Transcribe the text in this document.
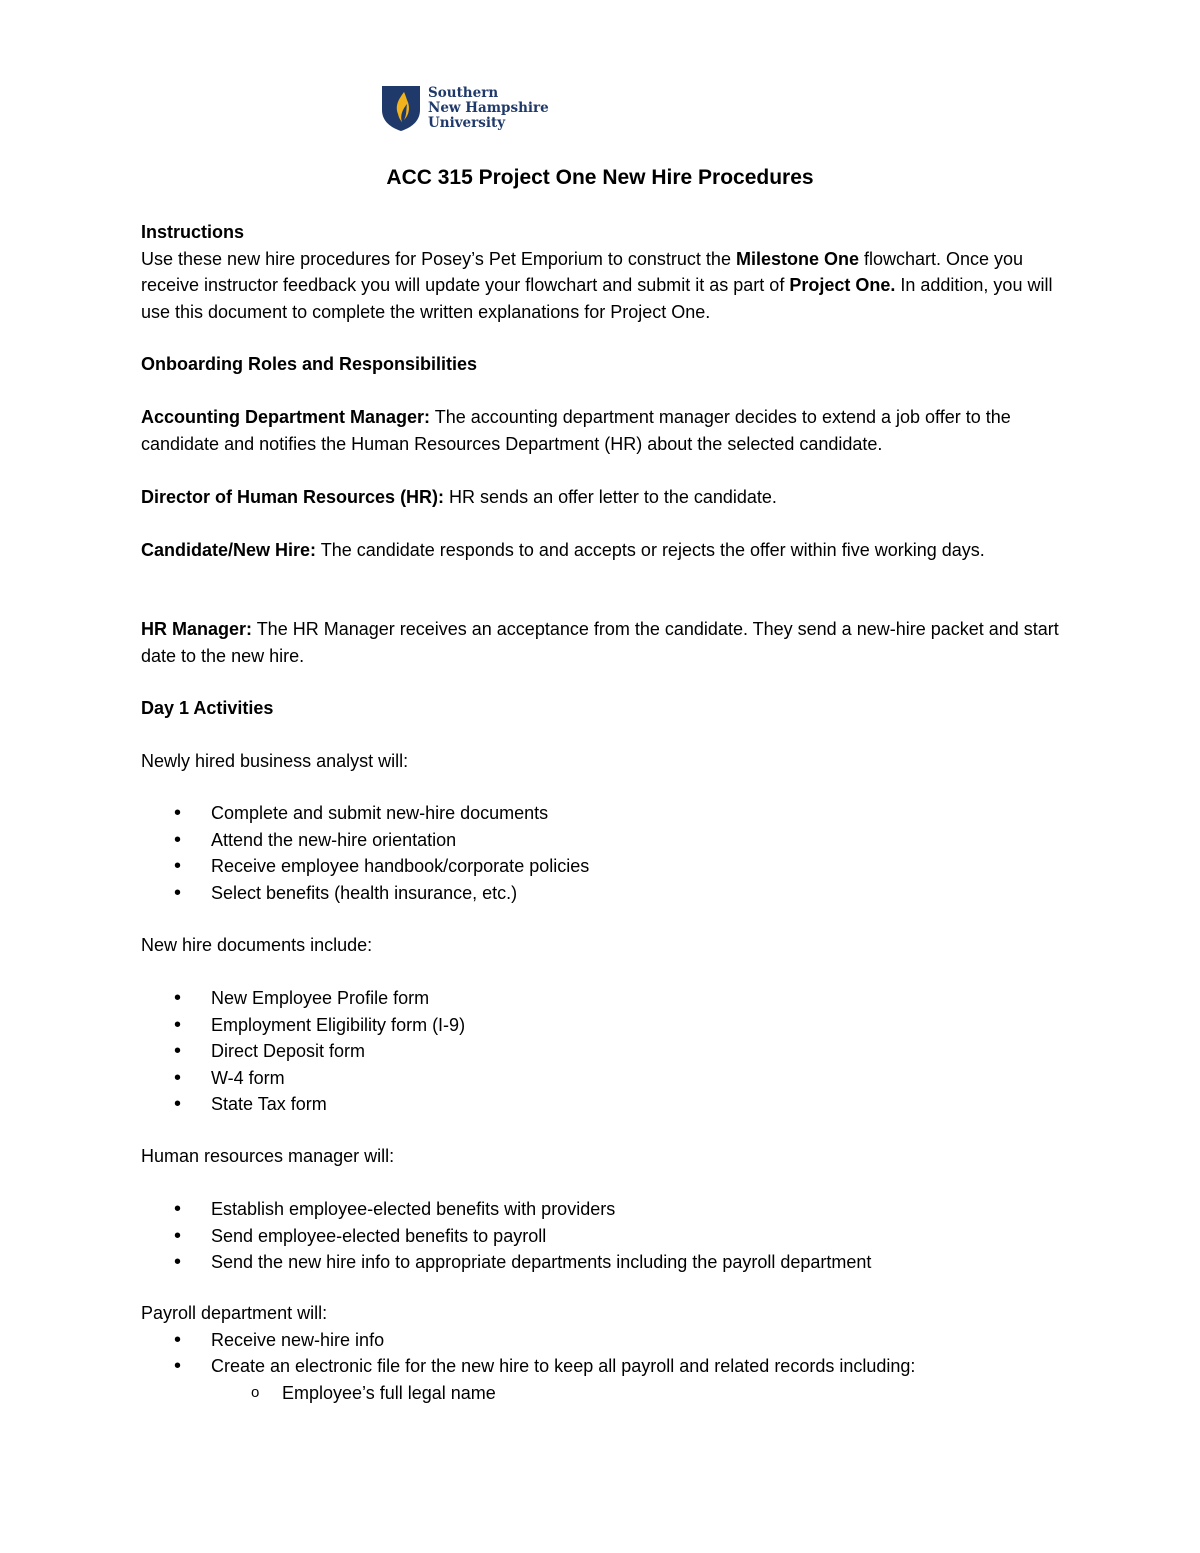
Southern
New Hampshire
University
ACC 315 Project One New Hire Procedures

Instructions

Use these new hire procedures for Posey’s Pet Emporium to construct the Milestone One flowchart. Once you receive instructor feedback you will update your flowchart and submit it as part of Project One. In addition, you will use this document to complete the written explanations for Project One.

Onboarding Roles and Responsibilities

Accounting Department Manager: The accounting department manager decides to extend a job offer to the candidate and notifies the Human Resources Department (HR) about the selected candidate.

Director of Human Resources (HR): HR sends an offer letter to the candidate.

Candidate/New Hire: The candidate responds to and accepts or rejects the offer within five working days.

HR Manager: The HR Manager receives an acceptance from the candidate. They send a new-hire packet and start date to the new hire.

Day 1 Activities

Newly hired business analyst will:

• Complete and submit new-hire documents
• Attend the new-hire orientation
• Receive employee handbook/corporate policies
• Select benefits (health insurance, etc.)

New hire documents include:

• New Employee Profile form
• Employment Eligibility form (I-9)
• Direct Deposit form
• W-4 form
• State Tax form

Human resources manager will:

• Establish employee-elected benefits with providers
• Send employee-elected benefits to payroll
• Send the new hire info to appropriate departments including the payroll department

Payroll department will:

• Receive new-hire info
• Create an electronic file for the new hire to keep all payroll and related records including:
o Employee’s full legal name
